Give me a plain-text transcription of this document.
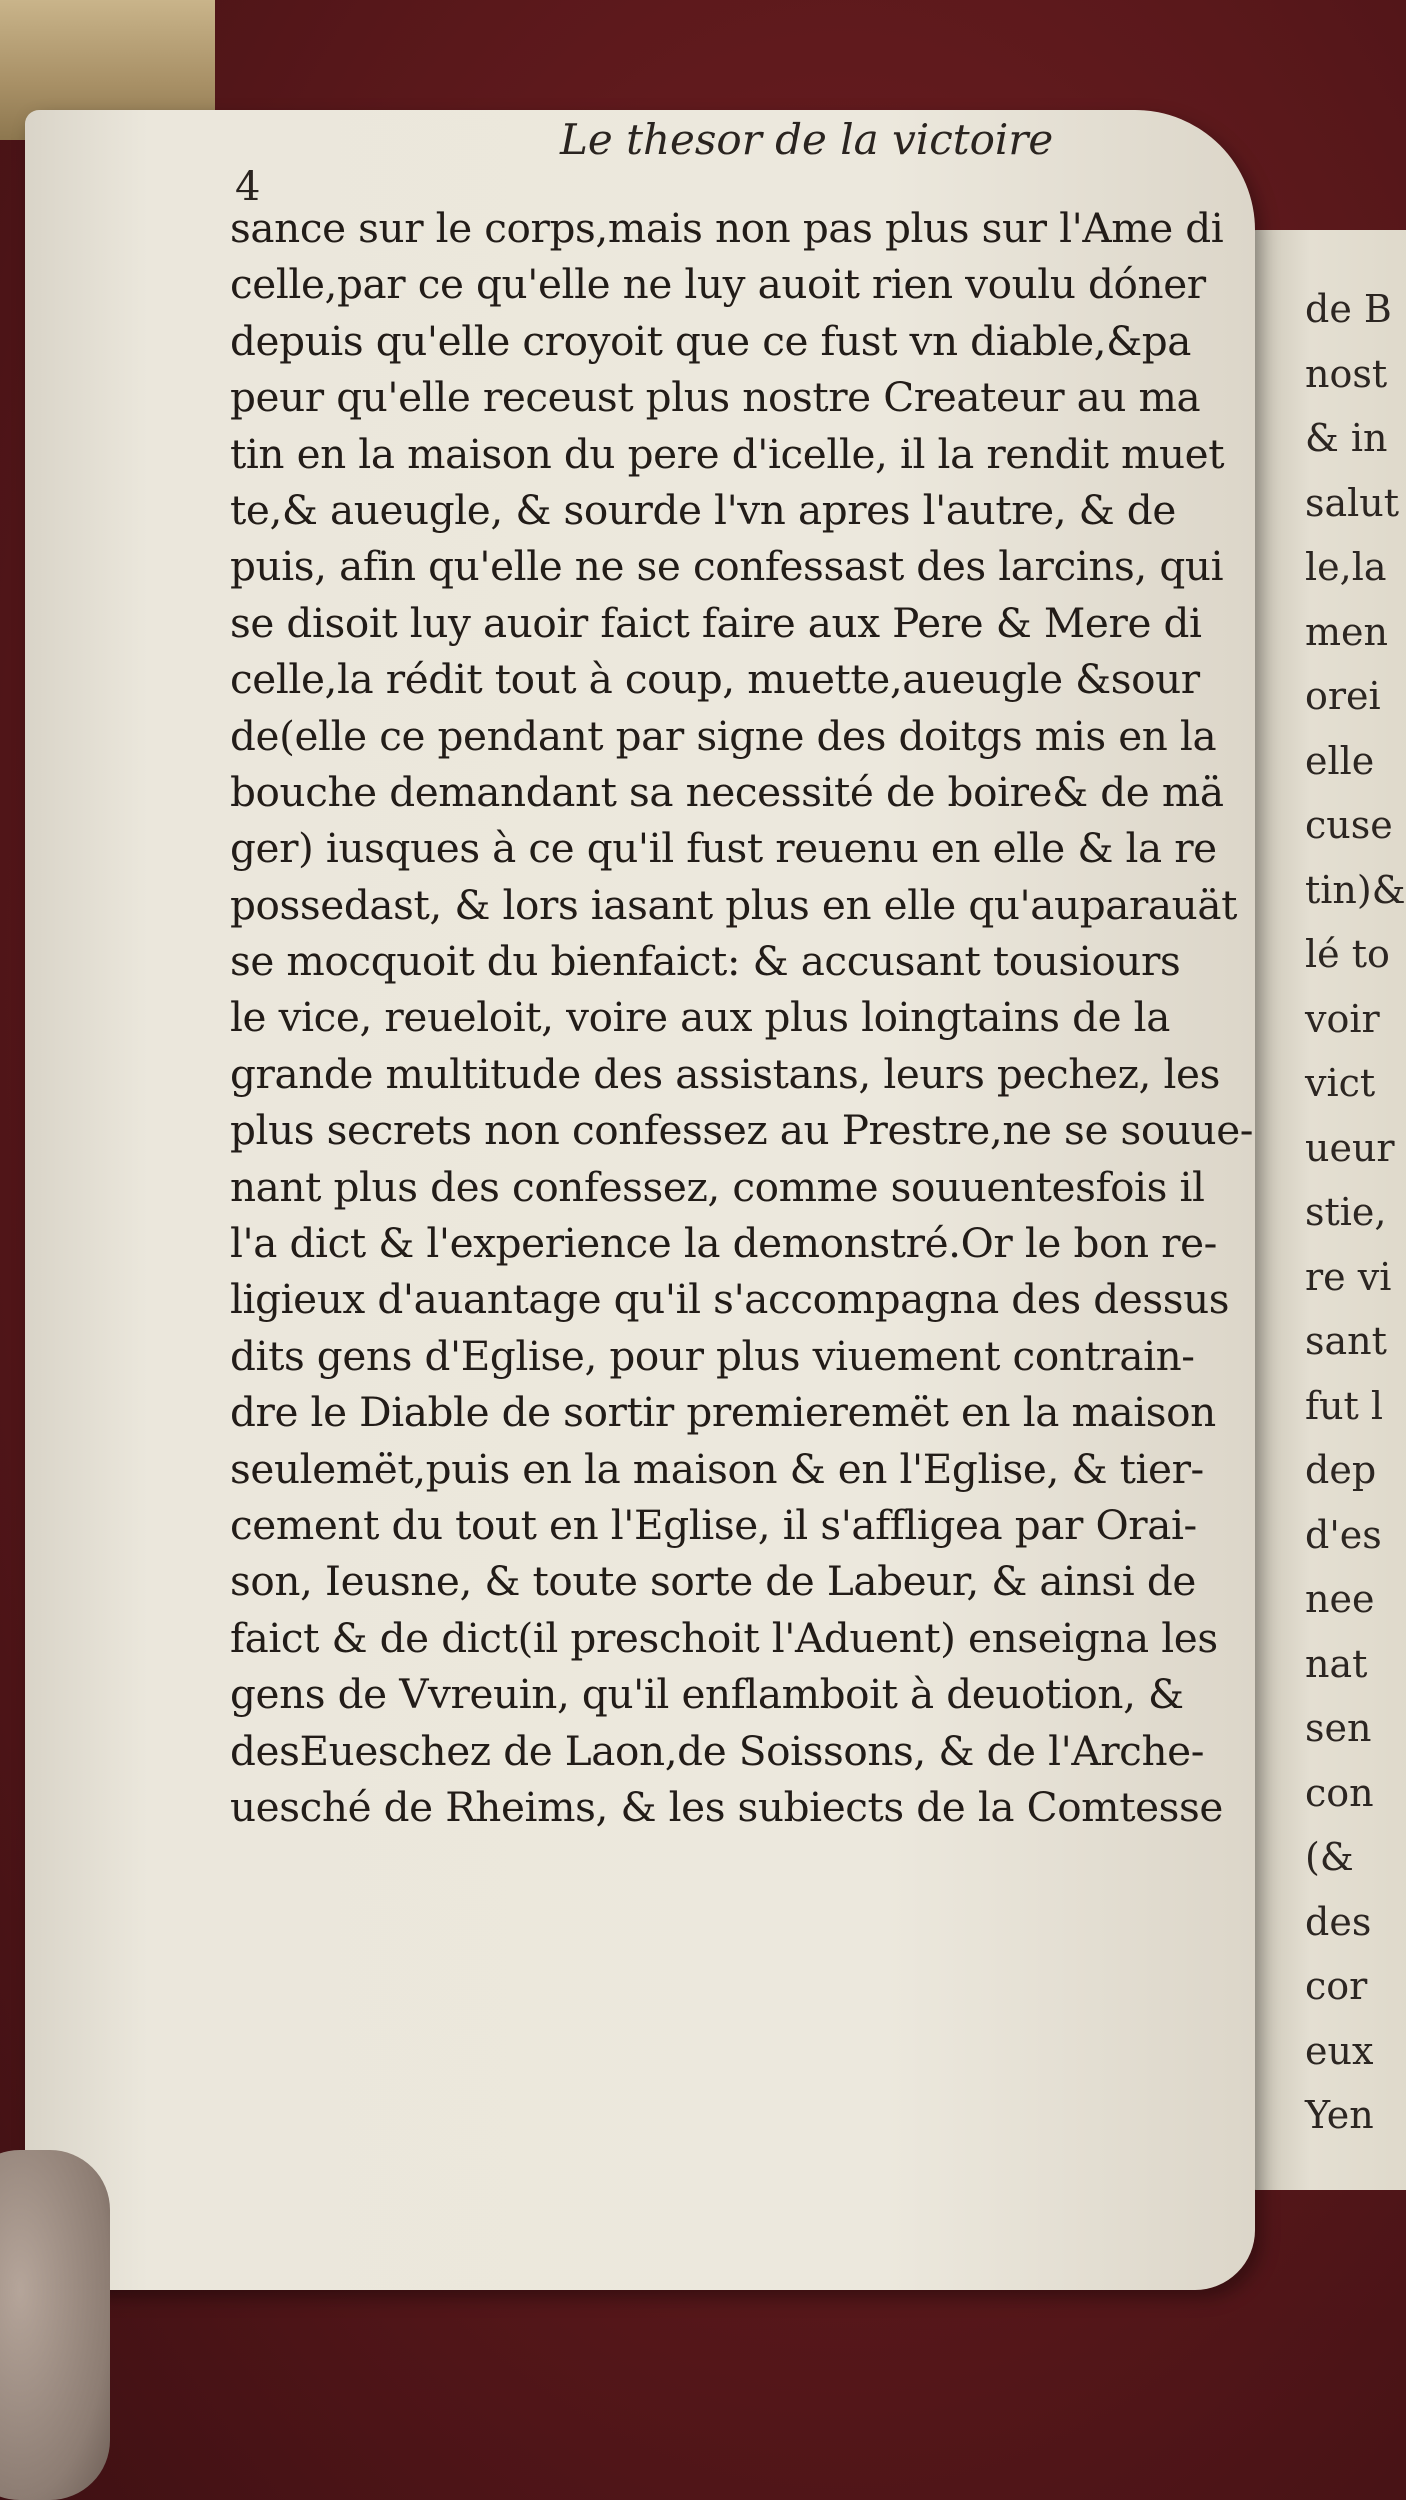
de B
nost
& in
salut
le,la
men
orei
elle
cuse
tin)&
lé to
voir
vict
ueur
stie,
re vi
sant
fut l
dep
d'es
nee
nat
sen
con
(&
des
cor
eux
Yen
Le thesor de la victoire
4
sance sur le corps,mais non pas plus sur l'Ame di
celle,par ce qu'elle ne luy auoit rien voulu dóner
depuis qu'elle croyoit que ce fust vn diable,&pa
peur qu'elle receust plus nostre Createur au ma
tin en la maison du pere d'icelle, il la rendit muet
te,& aueugle, & sourde l'vn apres l'autre, & de
puis, afin qu'elle ne se confessast des larcins, qui
se disoit luy auoir faict faire aux Pere & Mere di
celle,la rédit tout à coup, muette,aueugle &sour
de(elle ce pendant par signe des doitgs mis en la
bouche demandant sa necessité de boire& de mä
ger) iusques à ce qu'il fust reuenu en elle & la re
possedast, & lors iasant plus en elle qu'auparauät
se mocquoit du bienfaict: & accusant tousiours
le vice, reueloit, voire aux plus loingtains de la
grande multitude des assistans, leurs pechez, les
plus secrets non confessez au Prestre,ne se souue-
nant plus des confessez, comme souuentesfois il
l'a dict & l'experience la demonstré.Or le bon re-
ligieux d'auantage qu'il s'accompagna des dessus
dits gens d'Eglise, pour plus viuement contrain-
dre le Diable de sortir premieremët en la maison
seulemët,puis en la maison & en l'Eglise, & tier-
cement du tout en l'Eglise, il s'affligea par Orai-
son, Ieusne, & toute sorte de Labeur, & ainsi de
faict & de dict(il preschoit l'Aduent) enseigna les
gens de Vvreuin, qu'il enflamboit à deuotion, &
desEueschez de Laon,de Soissons, & de l'Arche-
uesché de Rheims, & les subiects de la Comtesse
